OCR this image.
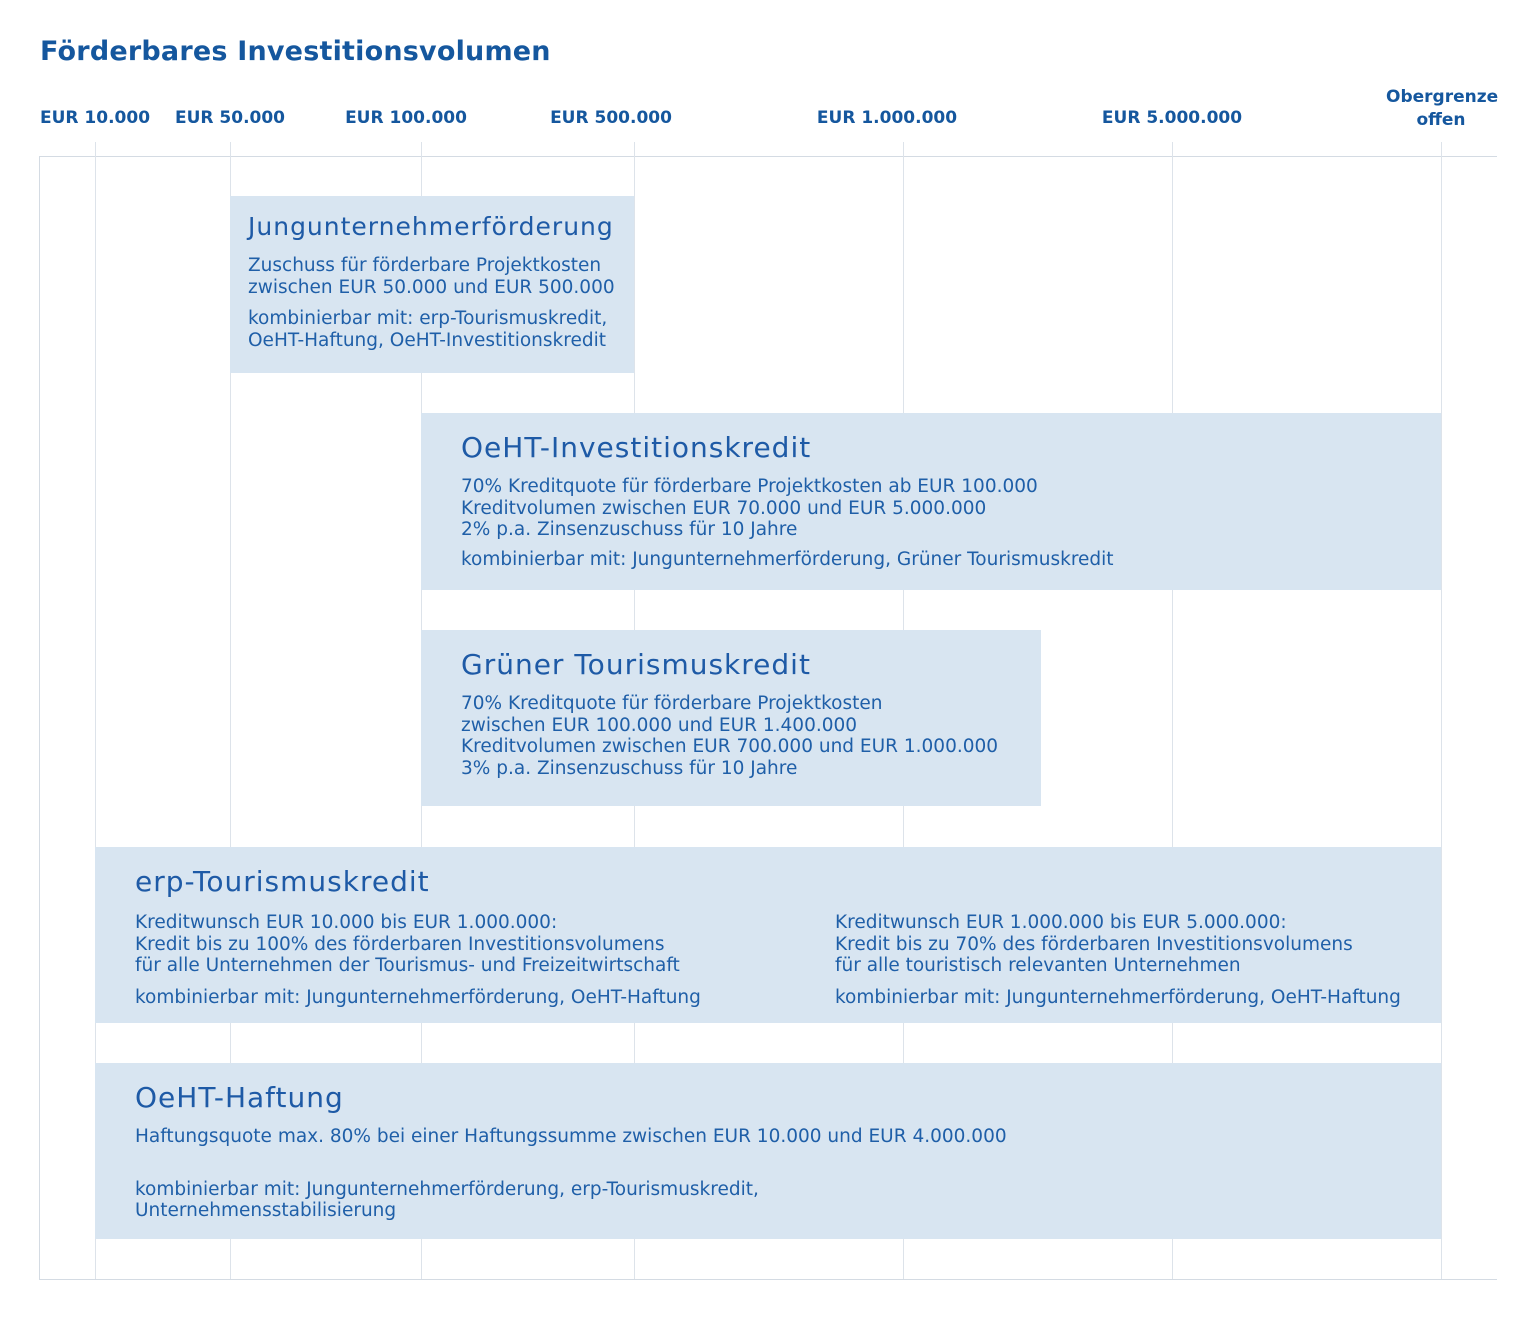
Förderbares Investitionsvolumen
EUR 10.000 EUR 50.000	EUR 100.000	EUR 500.000	EUR 1.000.000	EUR 5.000.000
Obergrenze
offen
Jungunternehmerförderung

Zuschuss für förderbare Projektkosten

zwischen EUR 50.000 und EUR 500.000

kombinierbar mit: erp-Tourismuskredit,

OeHT-Haftung, OeHT-Investitionskredit

OeHT-Investitionskredit

70% Kreditquote für förderbare Projektkosten ab EUR 100.000

Kreditvolumen zwischen EUR 70.000 und EUR 5.000.000

2% p.a. Zinsenzuschuss für 10 Jahre

kombinierbar mit: Jungunternehmerförderung, Grüner Tourismuskredit

Grüner Tourismuskredit

70% Kreditquote für förderbare Projektkosten

zwischen EUR 100.000 und EUR 1.400.000

Kreditvolumen zwischen EUR 700.000 und EUR 1.000.000

3% p.a. Zinsenzuschuss für 10 Jahre

erp-Tourismuskredit

Kreditwunsch EUR 10.000 bis EUR 1.000.000:

Kredit bis zu 100% des förderbaren Investitionsvolumens

für alle Unternehmen der Tourismus- und Freizeitwirtschaft

kombinierbar mit: Jungunternehmerförderung, OeHT-Haftung

Kreditwunsch EUR 1.000.000 bis EUR 5.000.000:

Kredit bis zu 70% des förderbaren Investitionsvolumens

für alle touristisch relevanten Unternehmen

kombinierbar mit: Jungunternehmerförderung, OeHT-Haftung

OeHT-Haftung

Haftungsquote max. 80% bei einer Haftungssumme zwischen EUR 10.000 und EUR 4.000.000

kombinierbar mit: Jungunternehmerförderung, erp-Tourismuskredit,

Unternehmensstabilisierung
